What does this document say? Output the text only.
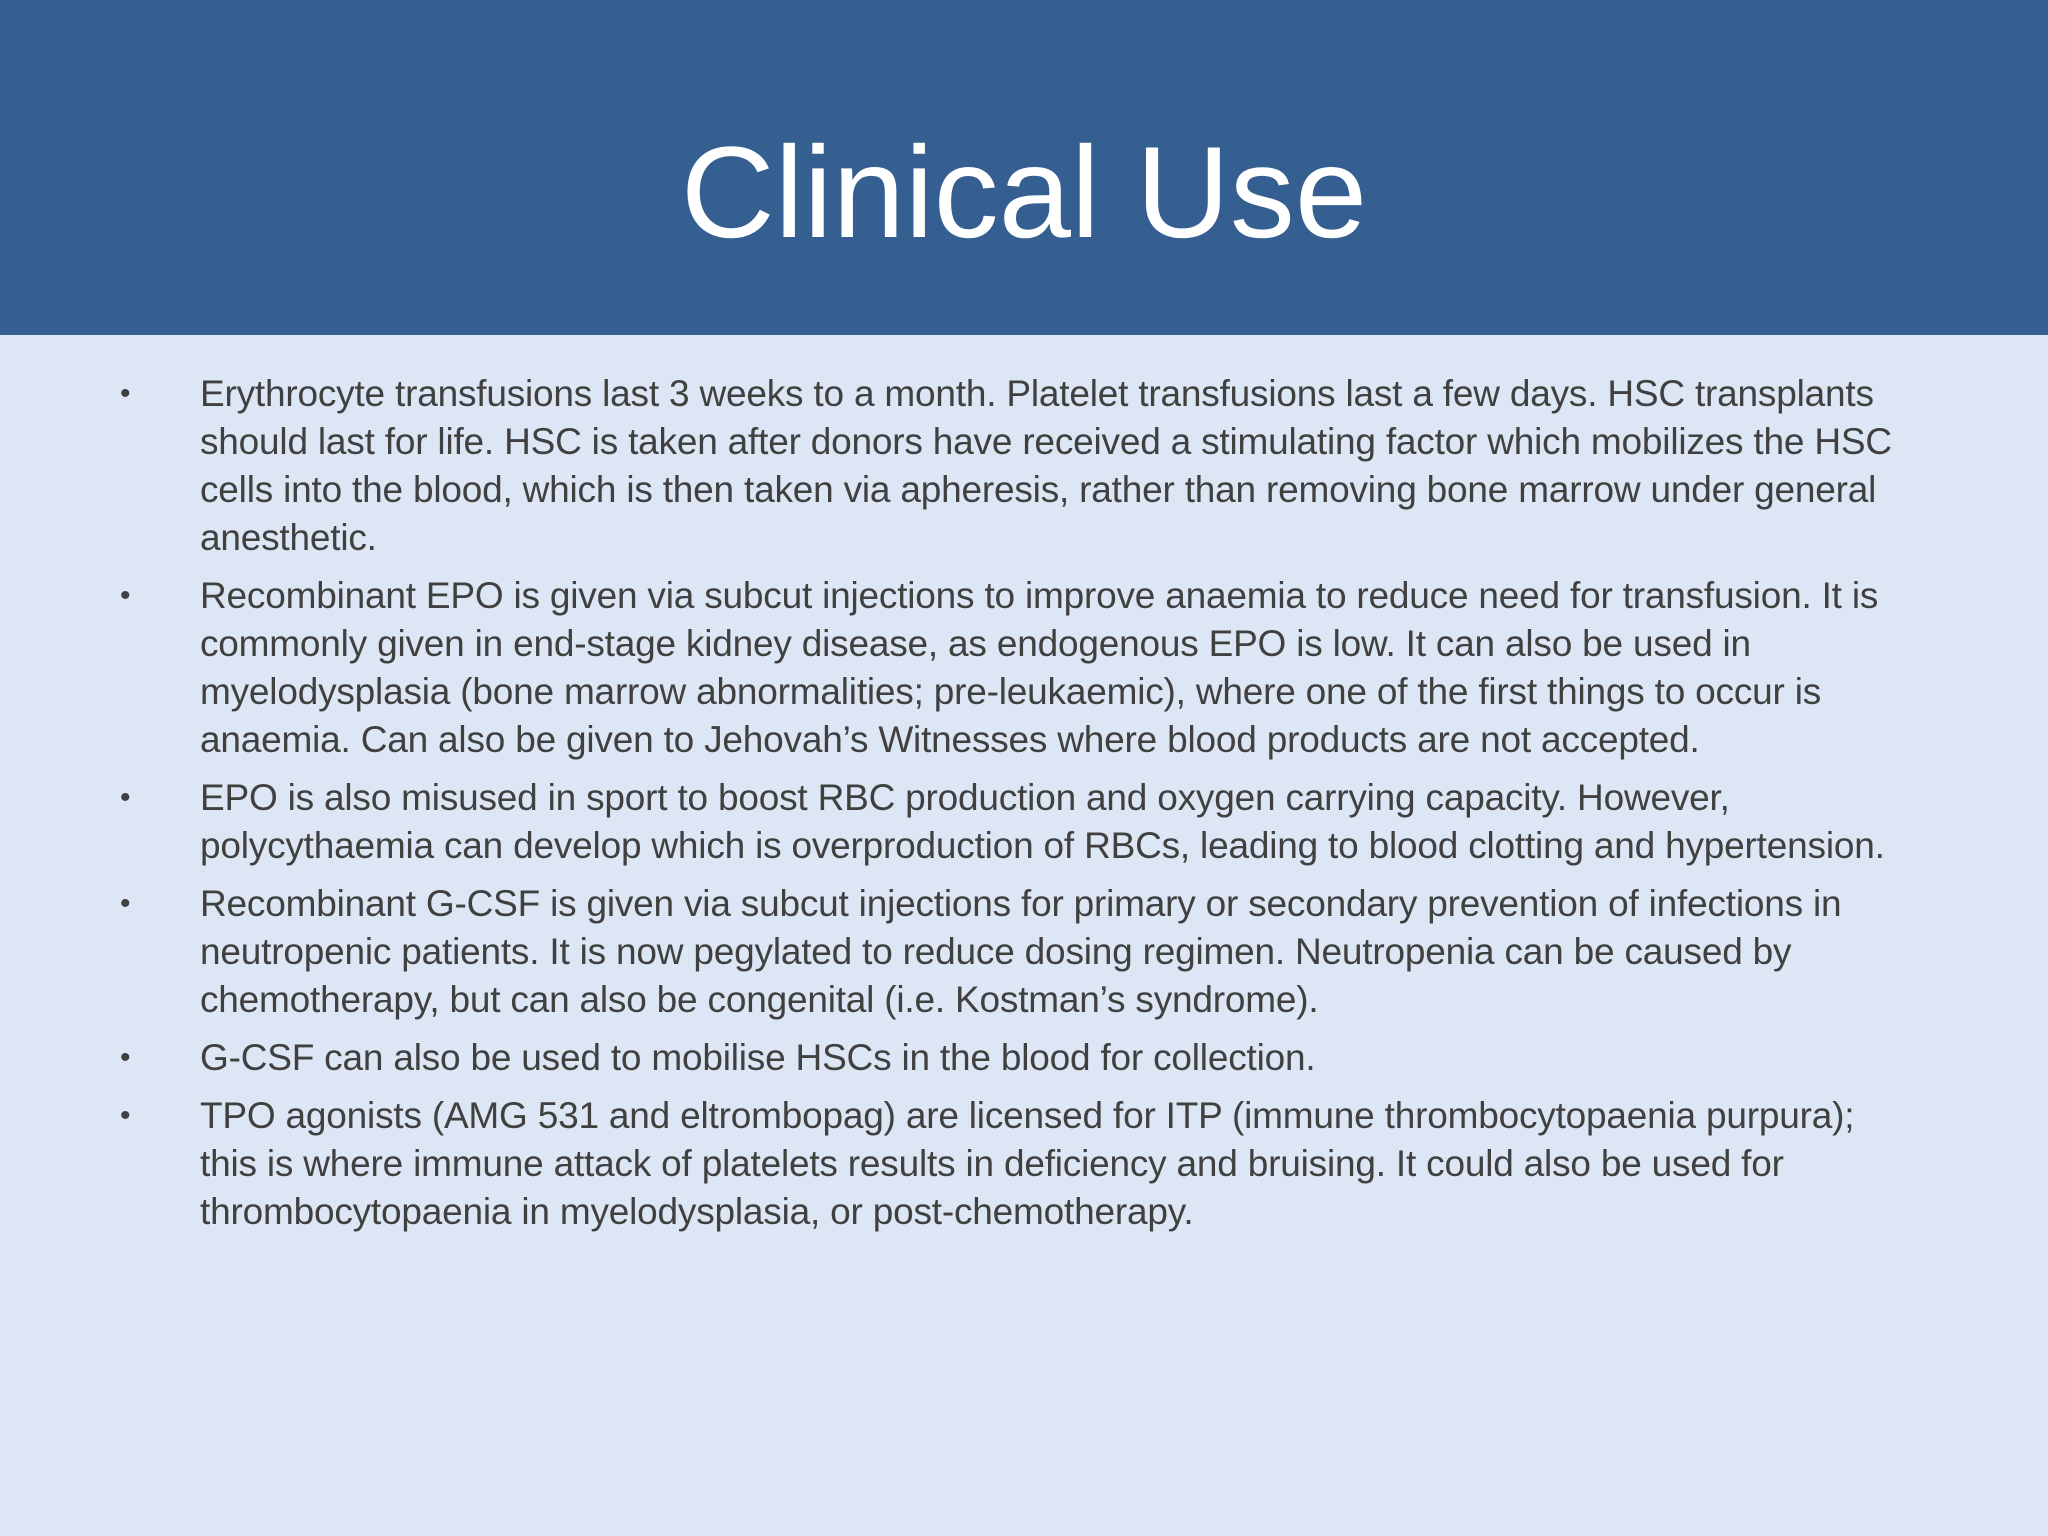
Clinical Use
•	Erythrocyte transfusions last 3 weeks to a month. Platelet transfusions last a few days. HSC transplants should last for life. HSC is taken after donors have received a stimulating factor which mobilizes the HSC cells into the blood, which is then taken via apheresis, rather than removing bone marrow under general anesthetic.
•	Recombinant EPO is given via subcut injections to improve anaemia to reduce need for transfusion. It is commonly given in end-stage kidney disease, as endogenous EPO is low. It can also be used in myelodysplasia (bone marrow abnormalities; pre-leukaemic), where one of the first things to occur is anaemia. Can also be given to Jehovah’s Witnesses where blood products are not accepted.
•	EPO is also misused in sport to boost RBC production and oxygen carrying capacity. However, polycythaemia can develop which is overproduction of RBCs, leading to blood clotting and hypertension.
•	Recombinant G-CSF is given via subcut injections for primary or secondary prevention of infections in neutropenic patients. It is now pegylated to reduce dosing regimen. Neutropenia can be caused by chemotherapy, but can also be congenital (i.e. Kostman’s syndrome).
•	G-CSF can also be used to mobilise HSCs in the blood for collection.
•	TPO agonists (AMG 531 and eltrombopag) are licensed for ITP (immune thrombocytopaenia purpura); this is where immune attack of platelets results in deficiency and bruising. It could also be used for thrombocytopaenia in myelodysplasia, or post-chemotherapy.
